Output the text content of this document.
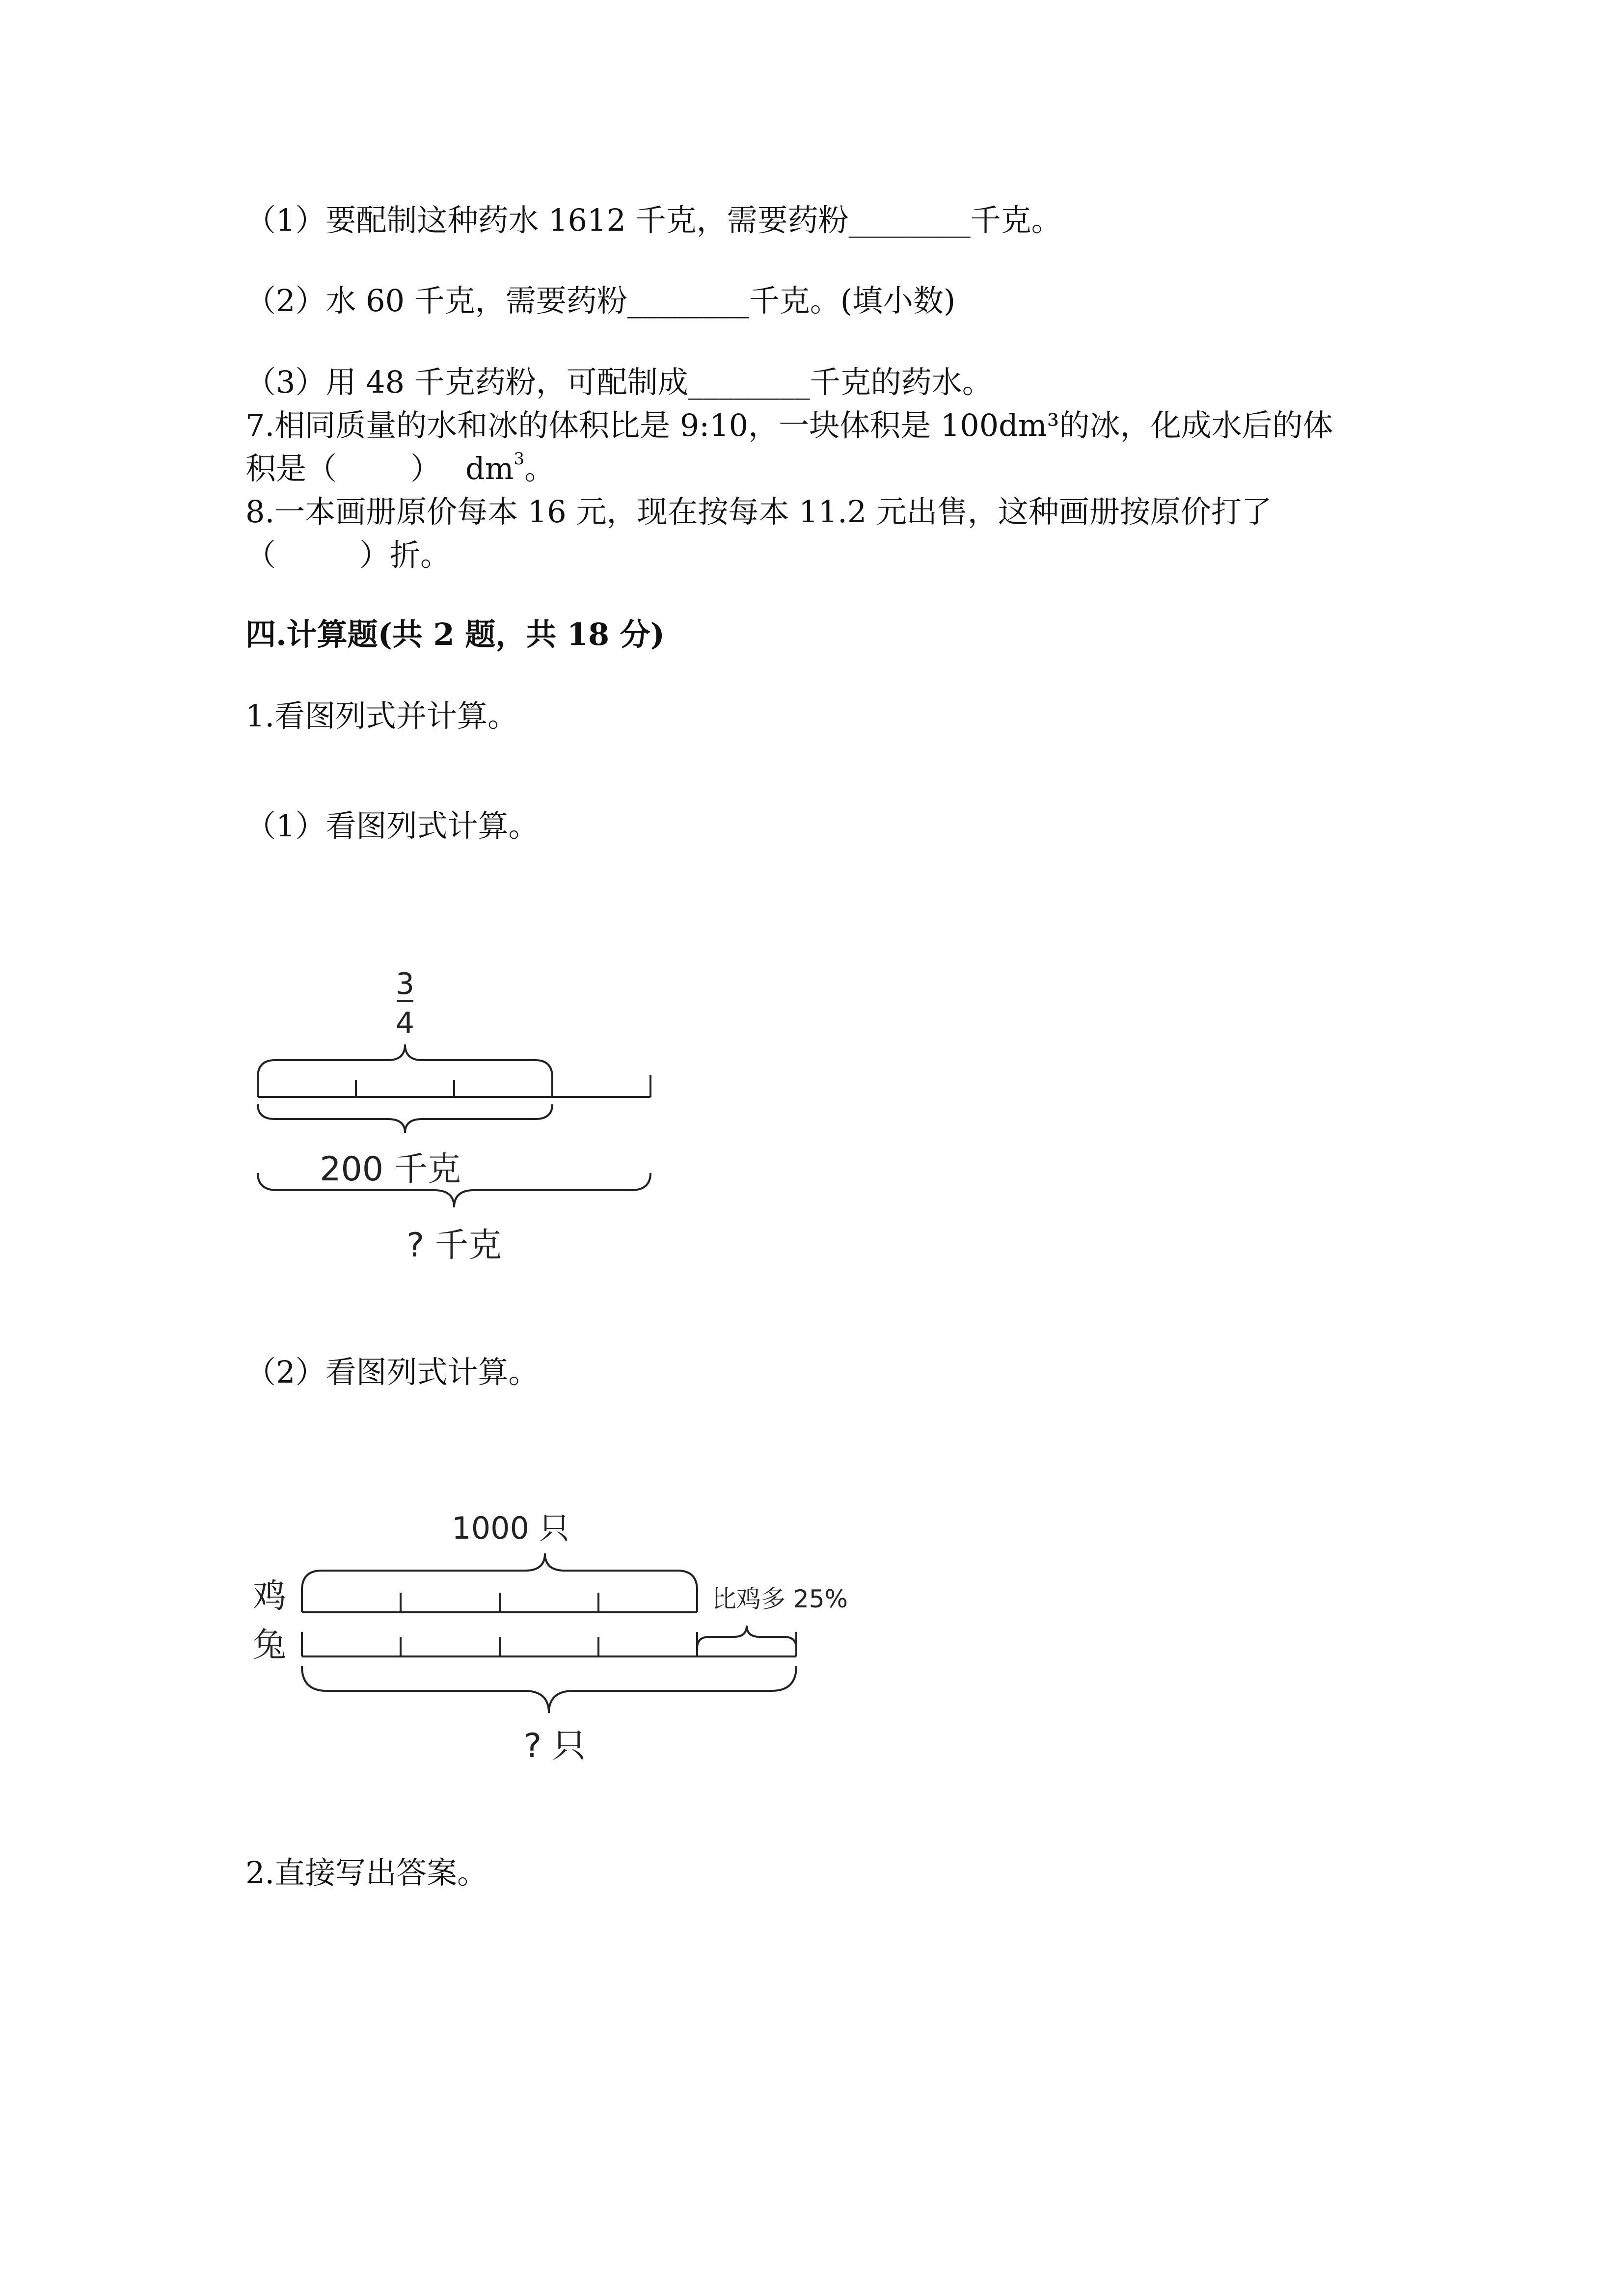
（1）要配制这种药水 1612 千克，需要药粉________千克。

（2）水 60 千克，需要药粉________千克。(填小数)

（3）用 48 千克药粉，可配制成________千克的药水。

7.相同质量的水和冰的体积比是 9:10，一块体积是 100dm³的冰，化成水后的体

积是（ ） $dm^3$。

8.一本画册原价每本 16 元，现在按每本 11.2 元出售，这种画册按原价打了

（	）折。

四.计算题(共 2 题，共 18 分)

1.看图列式并计算。

（1）看图列式计算。

3
4
200 千克
? 千克

（2）看图列式计算。

1000 只
鸡
兔
比鸡多 25%
? 只

2.直接写出答案。
